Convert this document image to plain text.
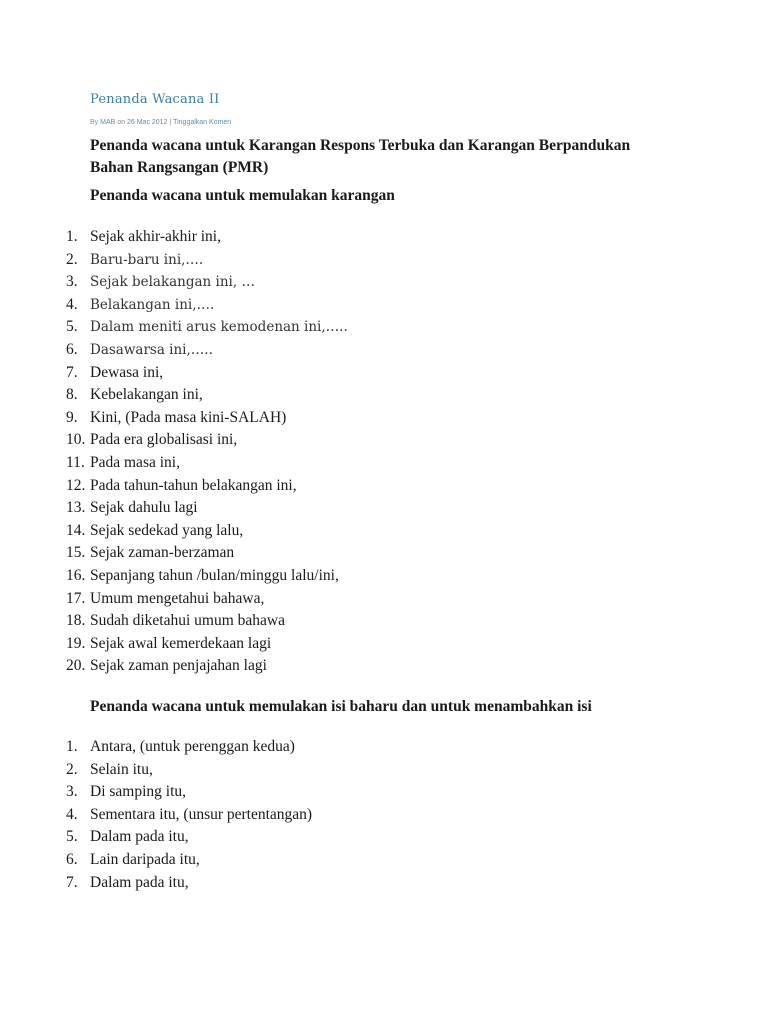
Penanda Wacana II
By MAB on 26 Mac 2012 | Tinggalkan Komen
Penanda wacana untuk Karangan Respons Terbuka dan Karangan Berpandukan Bahan Rangsangan (PMR)
Penanda wacana untuk memulakan karangan
1. Sejak akhir-akhir ini,
2. Baru-baru ini,….
3. Sejak belakangan ini, …
4. Belakangan ini,….
5. Dalam meniti arus kemodenan ini,…..
6. Dasawarsa ini,…..
7. Dewasa ini,
8. Kebelakangan ini,
9. Kini, (Pada masa kini-SALAH)
10. Pada era globalisasi ini,
11. Pada masa ini,
12. Pada tahun-tahun belakangan ini,
13. Sejak dahulu lagi
14. Sejak sedekad yang lalu,
15. Sejak zaman-berzaman
16. Sepanjang tahun /bulan/minggu lalu/ini,
17. Umum mengetahui bahawa,
18. Sudah diketahui umum bahawa
19. Sejak awal kemerdekaan lagi
20. Sejak zaman penjajahan lagi
Penanda wacana untuk memulakan isi baharu dan untuk menambahkan isi
1. Antara, (untuk perenggan kedua)
2. Selain itu,
3. Di samping itu,
4. Sementara itu, (unsur pertentangan)
5. Dalam pada itu,
6. Lain daripada itu,
7. Dalam pada itu,
